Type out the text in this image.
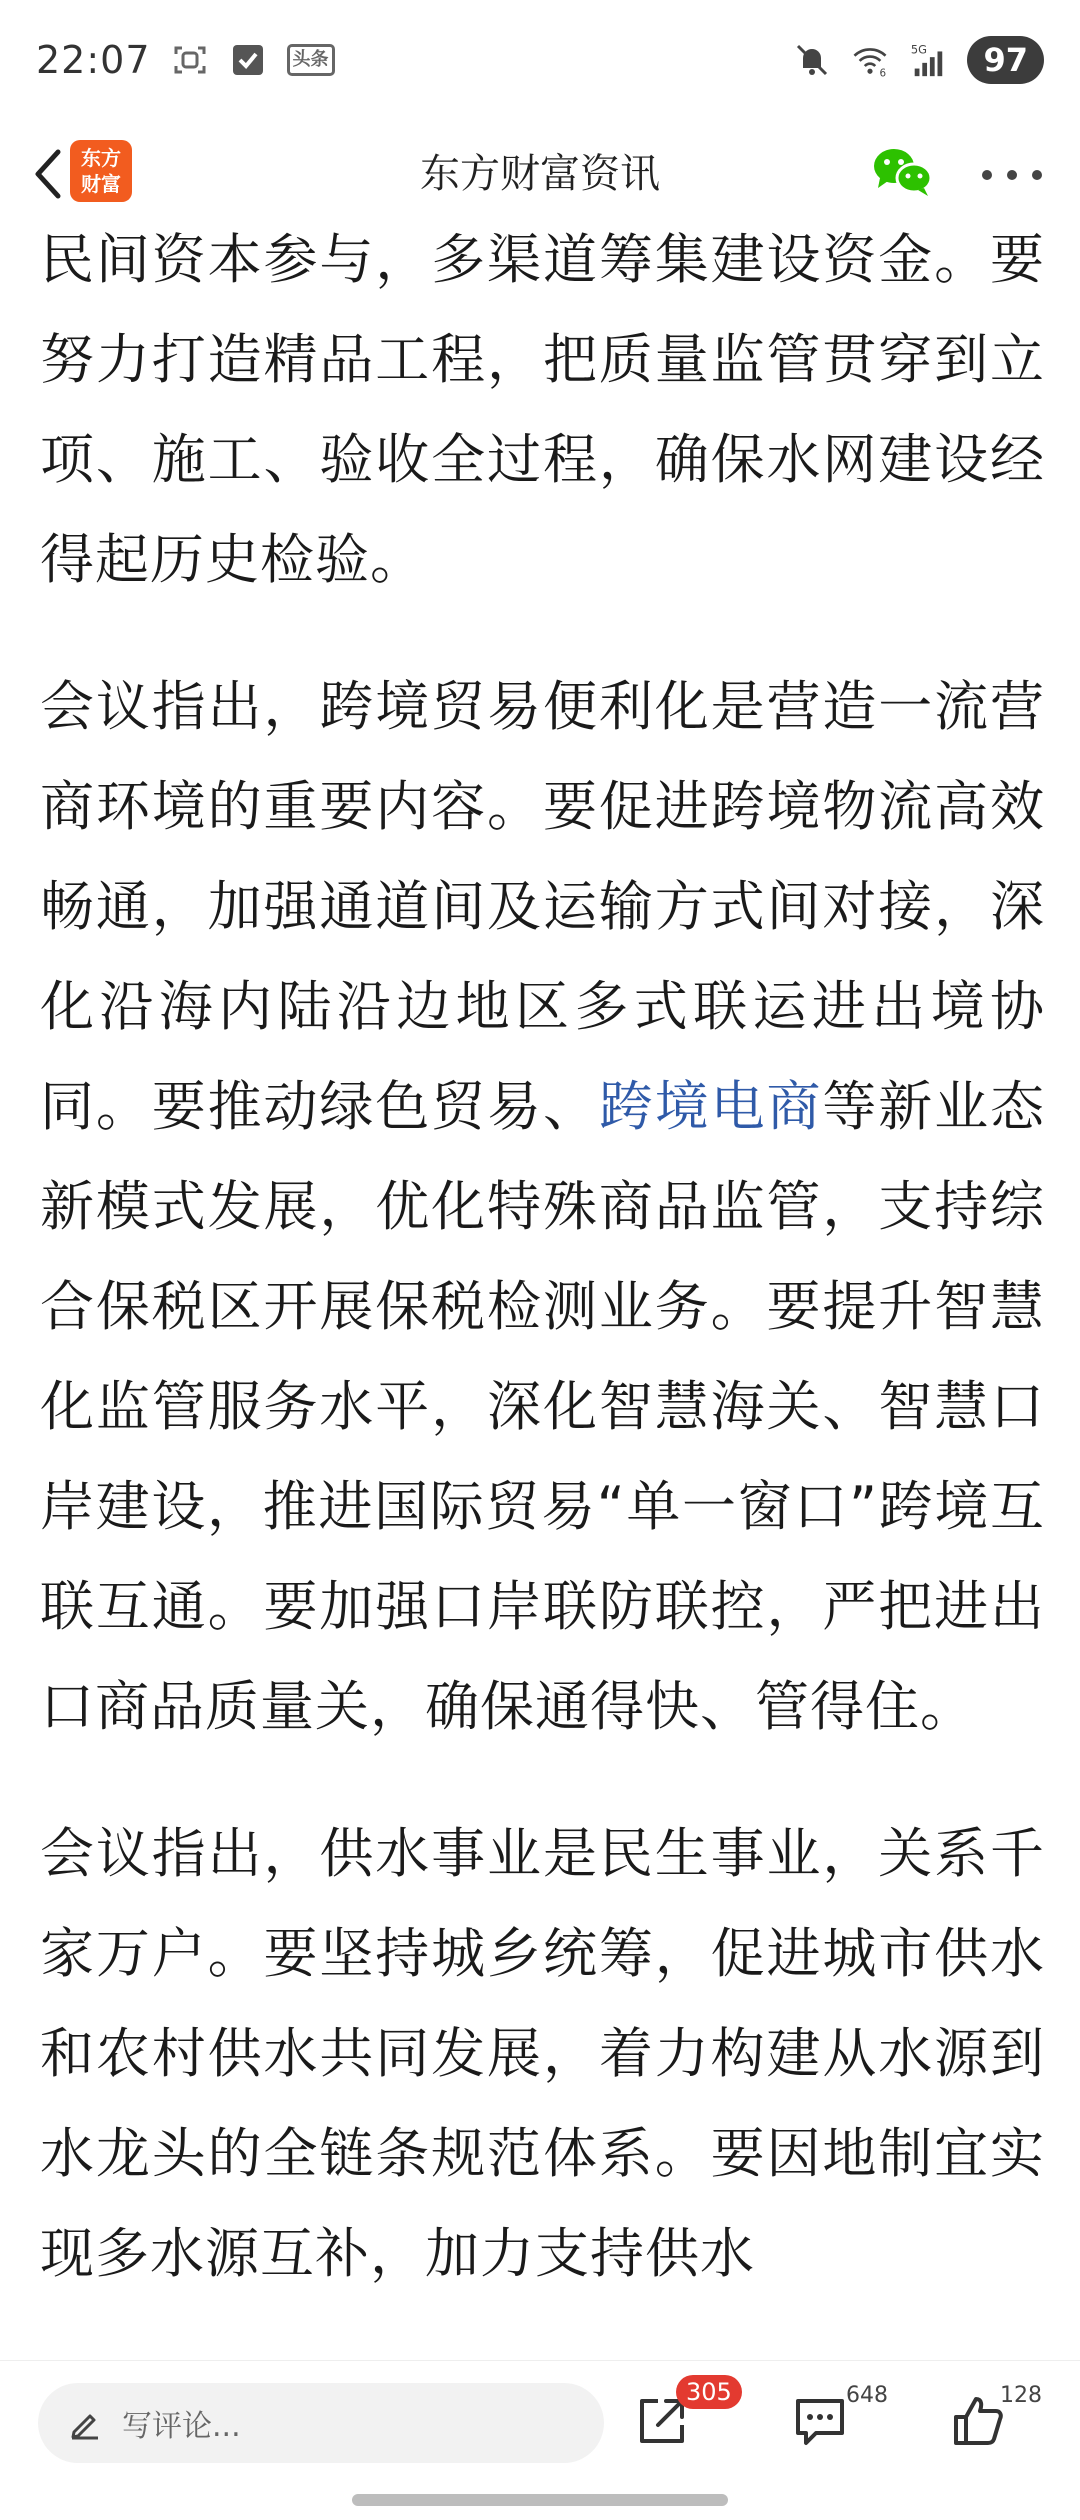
22:07	头条
6
5G	97
东方财富资讯
东方
财富

民间资本参与，多渠道筹集建设资金。要努力打造精品工程，把质量监管贯穿到立项、施工、验收全过程，确保水网建设经得起历史检验。

会议指出，跨境贸易便利化是营造一流营商环境的重要内容。要促进跨境物流高效畅通，加强通道间及运输方式间对接，深化沿海内陆沿边地区多式联运进出境协同。要推动绿色贸易、跨境电商等新业态新模式发展，优化特殊商品监管，支持综合保税区开展保税检测业务。要提升智慧化监管服务水平，深化智慧海关、智慧口岸建设，推进国际贸易“单一窗口”跨境互联互通。要加强口岸联防联控，严把进出口商品质量关，确保通得快、管得住。

会议指出，供水事业是民生事业，关系千家万户。要坚持城乡统筹，促进城市供水和农村供水共同发展，着力构建从水源到水龙头的全链条规范体系。要因地制宜实现多水源互补，加力支持供水

写评论...
305	648	128
